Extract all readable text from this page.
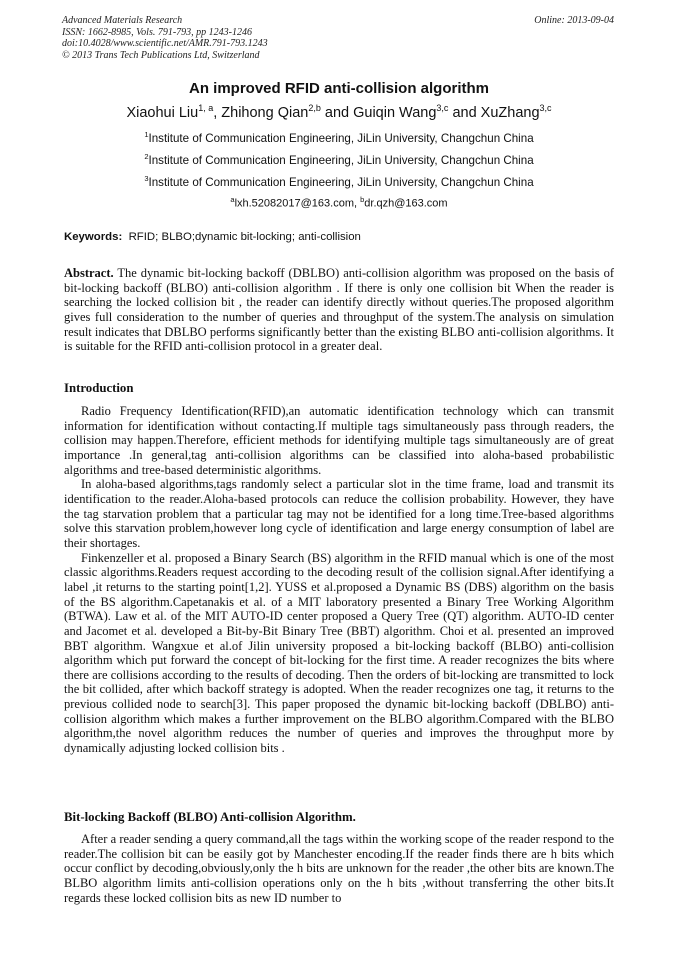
Advanced Materials Research
ISSN: 1662-8985, Vols. 791-793, pp 1243-1246
doi:10.4028/www.scientific.net/AMR.791-793.1243
© 2013 Trans Tech Publications Ltd, Switzerland
Online: 2013-09-04
An improved RFID anti-collision algorithm
Xiaohui Liu$^{1, a}$, Zhihong Qian$^{2,b}$ and Guiqin Wang$^{3,c}$ and XuZhang$^{3,c}$
$^1$Institute of Communication Engineering, JiLin University, Changchun China
$^2$Institute of Communication Engineering, JiLin University, Changchun China
$^3$Institute of Communication Engineering, JiLin University, Changchun China
$^a$lxh.52082017@163.com, $^b$dr.qzh@163.com
Keywords:  RFID; BLBO;dynamic bit-locking; anti-collision

Abstract. The dynamic bit-locking backoff (DBLBO) anti-collision algorithm was proposed on the basis of bit-locking backoff (BLBO) anti-collision algorithm . If there is only one collision bit When the reader is searching the locked collision bit , the reader can identify directly without queries.The proposed algorithm gives full consideration to the number of queries and throughput of the system.The analysis on simulation result indicates that DBLBO performs significantly better than the existing BLBO anti-collision algorithms. It is suitable for the RFID anti-collision protocol in a greater deal.

Introduction

Radio Frequency Identification(RFID),an automatic identification technology which can transmit information for identification without contacting.If multiple tags simultaneously pass through readers, the collision may happen.Therefore, efficient methods for identifying multiple tags simultaneously are of great importance .In general,tag anti-collision algorithms can be classified into aloha-based probabilistic algorithms and tree-based deterministic algorithms.

In aloha-based algorithms,tags randomly select a particular slot in the time frame, load and transmit its identification to the reader.Aloha-based protocols can reduce the collision probability. However, they have the tag starvation problem that a particular tag may not be identified for a long time.Tree-based algorithms solve this starvation problem,however long cycle of identification and large energy consumption of label are their shortages.

Finkenzeller et al. proposed a Binary Search (BS) algorithm in the RFID manual which is one of the most classic algorithms.Readers request according to the decoding result of the collision signal.After identifying a label ,it returns to the starting point[1,2]. YUSS et al.proposed a Dynamic BS (DBS) algorithm on the basis of the BS algorithm.Capetanakis et al. of a MIT laboratory presented a Binary Tree Working Algorithm (BTWA). Law et al. of the MIT AUTO-ID center proposed a Query Tree (QT) algorithm. AUTO-ID center and Jacomet et al. developed a Bit-by-Bit Binary Tree (BBT) algorithm. Choi et al. presented an improved BBT algorithm. Wangxue et al.of Jilin university proposed a bit-locking backoff (BLBO) anti-collision algorithm which put forward the concept of bit-locking for the first time. A reader recognizes the bits where there are collisions according to the results of decoding. Then the orders of bit-locking are transmitted to lock the bit collided, after which backoff strategy is adopted. When the reader recognizes one tag, it returns to the previous collided node to search[3]. This paper proposed the dynamic bit-locking backoff (DBLBO) anti-collision algorithm which makes a further improvement on the BLBO algorithm.Compared with the BLBO algorithm,the novel algorithm reduces the number of queries and improves the throughput more by dynamically adjusting locked collision bits .

Bit-locking Backoff (BLBO) Anti-collision Algorithm.

After a reader sending a query command,all the tags within the working scope of the reader respond to the reader.The collision bit can be easily got by Manchester encoding.If the reader finds there are h bits which occur conflict by decoding,obviously,only the h bits are unknown for the reader ,the other bits are known.The BLBO algorithm limits anti-collision operations only on the h bits ,without transferring the other bits.It regards these locked collision bits as new ID number to
